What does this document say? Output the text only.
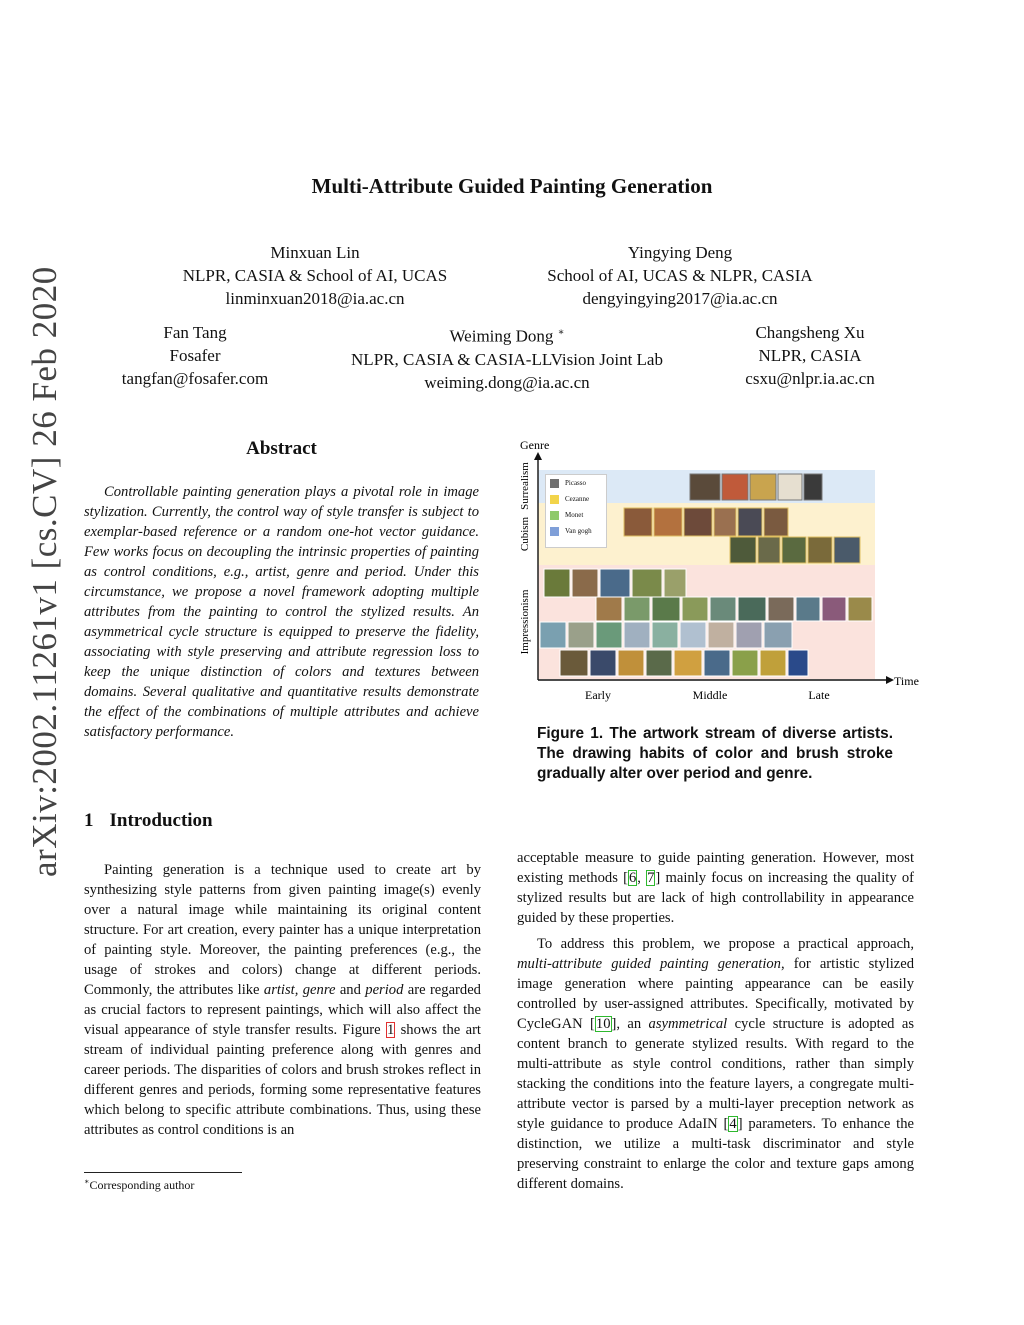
arXiv:2002.11261v1 [cs.CV] 26 Feb 2020
Multi-Attribute Guided Painting Generation
Minxuan Lin
NLPR, CASIA & School of AI, UCAS
linminxuan2018@ia.ac.cn
Yingying Deng
School of AI, UCAS & NLPR, CASIA
dengyingying2017@ia.ac.cn
Fan Tang
Fosafer
tangfan@fosafer.com
Weiming Dong ∗
NLPR, CASIA & CASIA-LLVision Joint Lab
weiming.dong@ia.ac.cn
Changsheng Xu
NLPR, CASIA
csxu@nlpr.ia.ac.cn
Abstract
Controllable painting generation plays a pivotal role in image stylization. Currently, the control way of style transfer is subject to exemplar-based reference or a random one-hot vector guidance. Few works focus on decoupling the intrinsic properties of painting as control conditions, e.g., artist, genre and period. Under this circumstance, we propose a novel framework adopting multiple attributes from the painting to control the stylized results. An asymmetrical cycle structure is equipped to preserve the fidelity, associating with style preserving and attribute regression loss to keep the unique distinction of colors and textures between domains. Several qualitative and quantitative results demonstrate the effect of the combinations of multiple attributes and achieve satisfactory performance.
Genre
Time
Surrealism
Cubism
Impressionism
Early	Middle	Late
Picasso
Cezanne
Monet
Van gogh
Figure 1. The artwork stream of diverse artists. The drawing habits of color and brush stroke gradually alter over period and genre.
1 Introduction
Painting generation is a technique used to create art by synthesizing style patterns from given painting image(s) evenly over a natural image while maintaining its original content structure. For art creation, every painter has a unique interpretation of painting style. Moreover, the painting preferences (e.g., the usage of strokes and colors) change at different periods. Commonly, the attributes like artist, genre and period are regarded as crucial factors to represent paintings, which will also affect the visual appearance of style transfer results. Figure 1 shows the art stream of individual painting preference along with genres and career periods. The disparities of colors and brush strokes reflect in different genres and periods, forming some representative features which belong to specific attribute combinations. Thus, using these attributes as control conditions is an
acceptable measure to guide painting generation. However, most existing methods [6, 7] mainly focus on increasing the quality of stylized results but are lack of high controllability in appearance guided by these properties.
To address this problem, we propose a practical approach, multi-attribute guided painting generation, for artistic stylized image generation where painting appearance can be easily controlled by user-assigned attributes. Specifically, motivated by CycleGAN [10], an asymmetrical cycle structure is adopted as content branch to generate stylized results. With regard to the multi-attribute as style control conditions, rather than simply stacking the conditions into the feature layers, a congregate multi-attribute vector is parsed by a multi-layer preception network as style guidance to produce AdaIN [4] parameters. To enhance the distinction, we utilize a multi-task discriminator and style preserving constraint to enlarge the color and texture gaps among different domains.
∗Corresponding author
